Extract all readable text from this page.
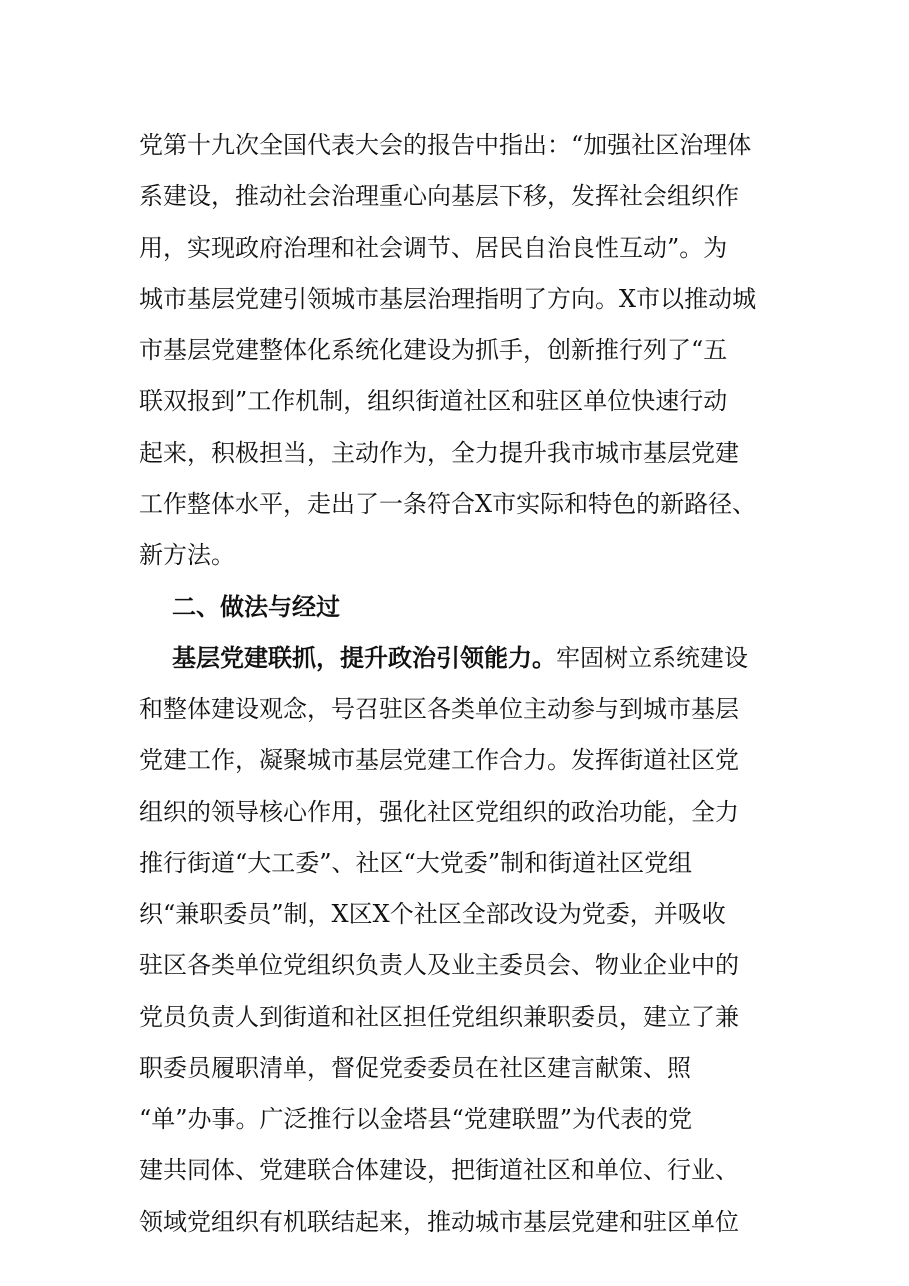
党第十九次全国代表大会的报告中指出：“加强社区治理体
系建设，推动社会治理重心向基层下移，发挥社会组织作
用，实现政府治理和社会调节、居民自治良性互动”。为
城市基层党建引领城市基层治理指明了方向。X市以推动城
市基层党建整体化系统化建设为抓手，创新推行列了“五
联双报到”工作机制，组织街道社区和驻区单位快速行动
起来，积极担当，主动作为，全力提升我市城市基层党建
工作整体水平，走出了一条符合X市实际和特色的新路径、
新方法。
二、做法与经过
基层党建联抓，提升政治引领能力。牢固树立系统建设
和整体建设观念，号召驻区各类单位主动参与到城市基层
党建工作，凝聚城市基层党建工作合力。发挥街道社区党
组织的领导核心作用，强化社区党组织的政治功能，全力
推行街道“大工委”、社区“大党委”制和街道社区党组
织“兼职委员”制，X区X个社区全部改设为党委，并吸收
驻区各类单位党组织负责人及业主委员会、物业企业中的
党员负责人到街道和社区担任党组织兼职委员，建立了兼
职委员履职清单，督促党委委员在社区建言献策、照
“单”办事。广泛推行以金塔县“党建联盟”为代表的党
建共同体、党建联合体建设，把街道社区和单位、行业、
领域党组织有机联结起来，推动城市基层党建和驻区单位
